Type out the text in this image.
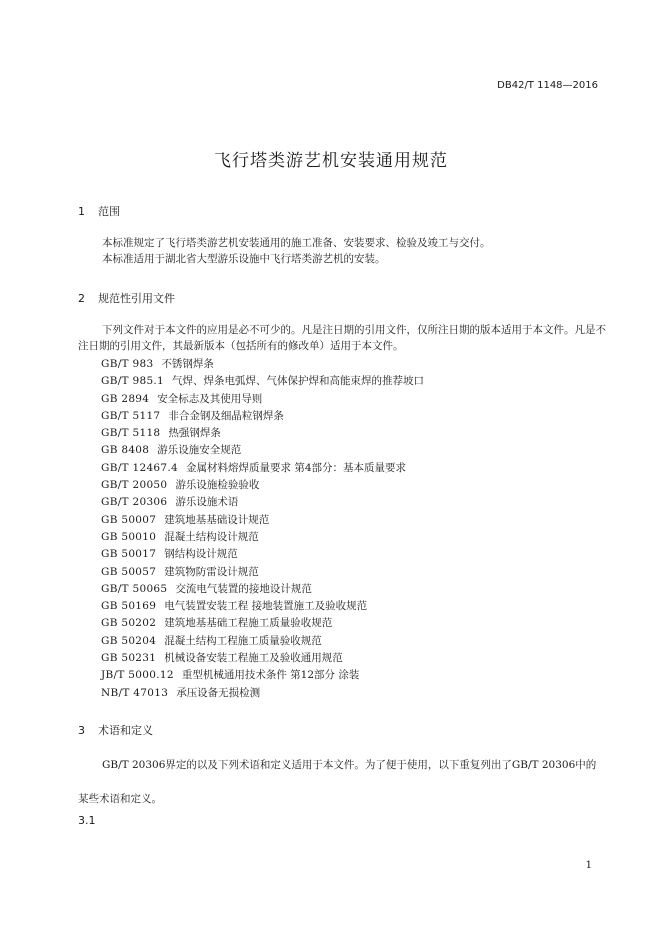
DB42/T 1148—2016
飞行塔类游艺机安装通用规范
1 范围
本标准规定了飞行塔类游艺机安装通用的施工准备、安装要求、检验及竣工与交付。
本标准适用于湖北省大型游乐设施中飞行塔类游艺机的安装。
2 规范性引用文件
下列文件对于本文件的应用是必不可少的。凡是注日期的引用文件，仅所注日期的版本适用于本文件。凡是不注日期的引用文件，其最新版本（包括所有的修改单）适用于本文件。
GB/T 983 不锈钢焊条
GB/T 985.1 气焊、焊条电弧焊、气体保护焊和高能束焊的推荐坡口
GB 2894 安全标志及其使用导则
GB/T 5117 非合金钢及细晶粒钢焊条
GB/T 5118 热强钢焊条
GB 8408 游乐设施安全规范
GB/T 12467.4 金属材料熔焊质量要求 第4部分：基本质量要求
GB/T 20050 游乐设施检验验收
GB/T 20306 游乐设施术语
GB 50007 建筑地基基础设计规范
GB 50010 混凝土结构设计规范
GB 50017 钢结构设计规范
GB 50057 建筑物防雷设计规范
GB/T 50065 交流电气装置的接地设计规范
GB 50169 电气装置安装工程 接地装置施工及验收规范
GB 50202 建筑地基基础工程施工质量验收规范
GB 50204 混凝土结构工程施工质量验收规范
GB 50231 机械设备安装工程施工及验收通用规范
JB/T 5000.12 重型机械通用技术条件 第12部分 涂装
NB/T 47013 承压设备无损检测
3 术语和定义
GB/T 20306界定的以及下列术语和定义适用于本文件。为了便于使用，以下重复列出了GB/T 20306中的某些术语和定义。
3.1
1
